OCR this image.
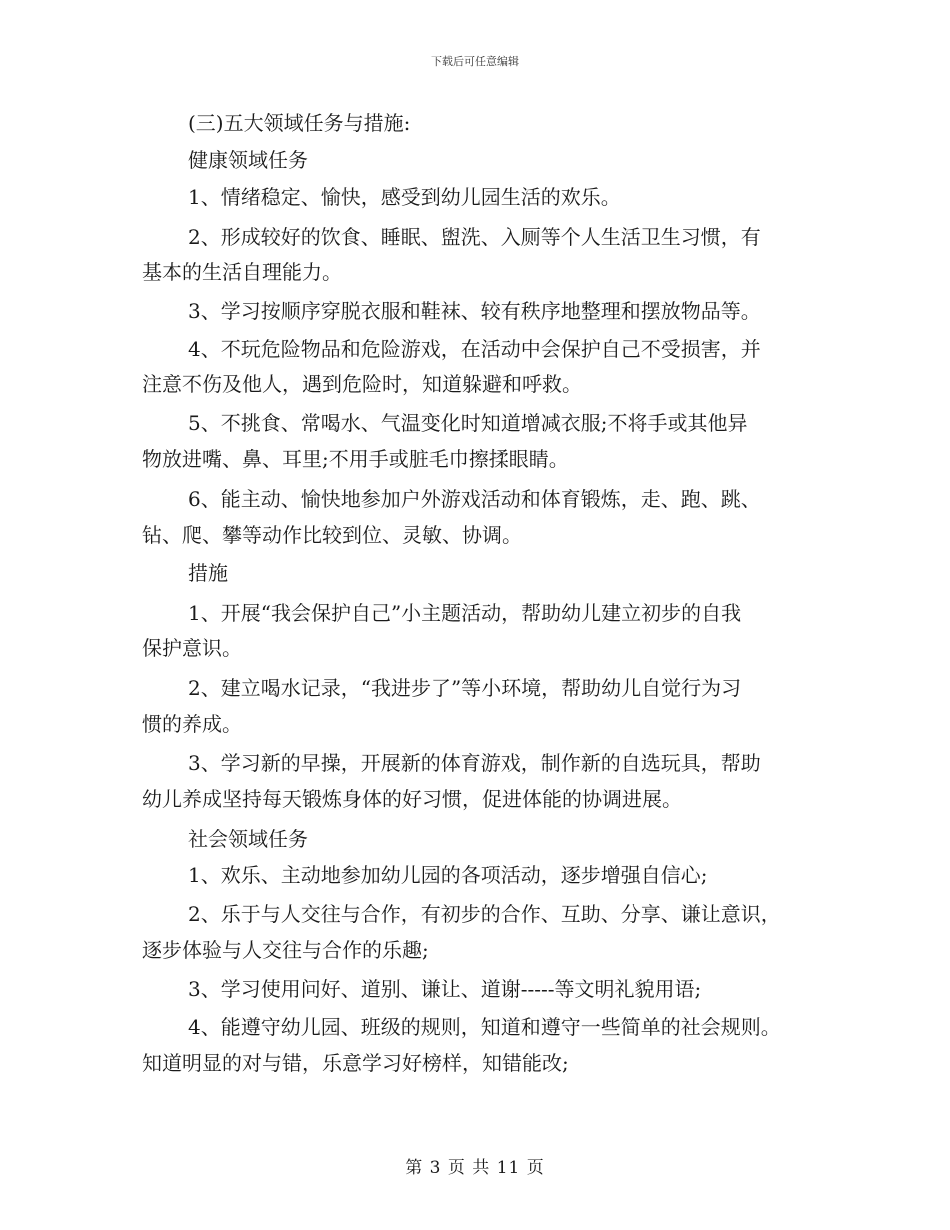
下载后可任意编辑
(三)五大领域任务与措施:
健康领域任务
1、情绪稳定、愉快，感受到幼儿园生活的欢乐。
2、形成较好的饮食、睡眠、盥洗、入厕等个人生活卫生习惯，有
基本的生活自理能力。
3、学习按顺序穿脱衣服和鞋袜、较有秩序地整理和摆放物品等。
4、不玩危险物品和危险游戏，在活动中会保护自己不受损害，并
注意不伤及他人，遇到危险时，知道躲避和呼救。
5、不挑食、常喝水、气温变化时知道增减衣服;不将手或其他异
物放进嘴、鼻、耳里;不用手或脏毛巾擦揉眼睛。
6、能主动、愉快地参加户外游戏活动和体育锻炼，走、跑、跳、
钻、爬、攀等动作比较到位、灵敏、协调。
措施
1、开展“我会保护自己”小主题活动，帮助幼儿建立初步的自我
保护意识。
2、建立喝水记录，“我进步了”等小环境，帮助幼儿自觉行为习
惯的养成。
3、学习新的早操，开展新的体育游戏，制作新的自选玩具，帮助
幼儿养成坚持每天锻炼身体的好习惯，促进体能的协调进展。
社会领域任务
1、欢乐、主动地参加幼儿园的各项活动，逐步增强自信心;
2、乐于与人交往与合作，有初步的合作、互助、分享、谦让意识，
逐步体验与人交往与合作的乐趣;
3、学习使用问好、道别、谦让、道谢-----等文明礼貌用语;
4、能遵守幼儿园、班级的规则，知道和遵守一些简单的社会规则。
知道明显的对与错，乐意学习好榜样，知错能改;
第 3 页 共 11 页
